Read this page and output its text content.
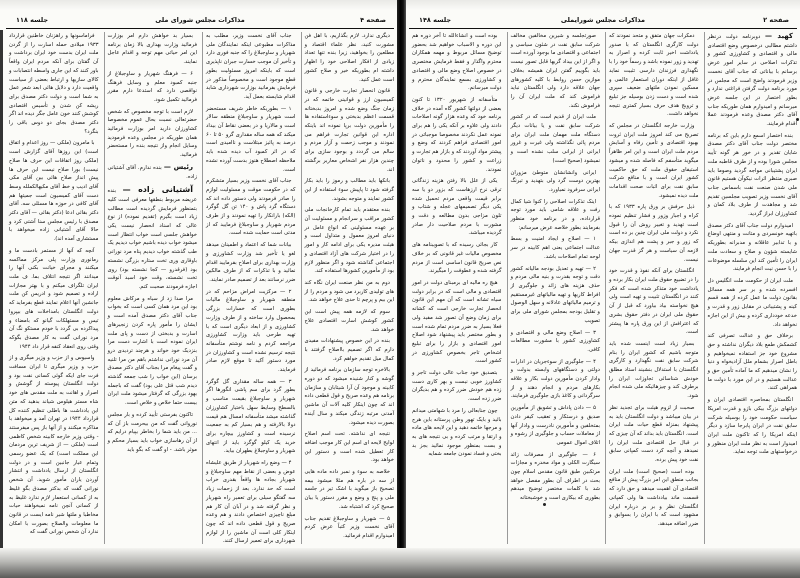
صفحه ۴
مذاکرات مجلس شورای ملی
جلسه ۱۱۸

دیگری ندارد. لازم بگذاریم، با اهل فن مشورت کنید، نظر علماء اقتصاد و مطلعین را بخواهید، زیرا بنده تنها تعداد زیادی از افکار اصلاحی خود را اظهار داشته ام بطوریکه خیر و صلاح کشور است عمل کنید.

قانون انحصار تجارت خارجی و قانون کمیسیون ارز و قوانینی خاتمه که در زمان جنگ وضع شده و امروز بدبختانه قسمت اعظم بدبختی و سوءاستفاده ها را مأمورین دولت برپا نموده اند باینکه اداره این قوانین تجارت فراهم می نمودند و موجب زحمت و آزار مردم و سالم می گرددد و بوجود سازی برای چندین هزار نفر اشخاص معاریر برگشته اند.

بانکها باید مطالب و رموز را باید بکار گرفته شود تا پاپیش سوء استفاده از این کشور نمایند و متوجه بشوند.

بنده معتقدم باید تمام کارخانجات ملی کشور مراقب و سرانجام و مسئولیت آن بر عهده مسئولینی که انواع عامل در دنیای امروز معمول و متداول است و هیئت مدیره یکی برای ادامه کار و امور را در اختیار شرکت های آزاد اقتصادی و اجتماعی گذاشته شود و اگر منظور لازم بود از مأمورین کشورها استفاده کند.

دوم به من نظر صنعت ایران نگاه کند های تولیدی کاربرد می شود و مردم را از این بیم و پرچم تا حدی علاج خواهد شد.

سوم که لازمه همه پیش است این کشور کوشش اسارت اقتصادی علاج خواهد شد.

بنده در این خصوص پیشنهادات مفیدی دارم که اگر تصمیم بااصلاح گرفتند با کمال میل تقدیم خواهم کرد.

بالاخره توجه سازمان برنامه فرمائید از گوشه و کنار شنیده میشود که دو دوره کابینه و موجود آن آرا شیتابان و سازمان برنامه هم وعده صریح و قول قطعی داده اند که چون اینکار کلیه آلات آن ماشین آمدنی مرتبه زندگی میکند و سال آینده بصورت دیده میشود.

نتیجه ای نداشته. تحت اسم اصلاح لوایح لایحه ای اسم این کار موجب اضافه کار تعطیل شده است و دستور این خواهد بود.

خلاصه به سوء و نمبر داده ماده هایی از سه در باره هم مثلا میشود بیمه تصحیح باز میگوید با اشک تیر در جلسه ملی و پنج و وضع و مقرر دستور یا بیان صحیح کرد که اشتباه شد.

۵ — شهریار و ساوجبلاغ تقدیم جناب آقای نخست وزیر کتباً عرض کردم امیدوارم اقدام فرمائید.

جناب آقای نخست وزیر، مطلب به مذاکرات مطبوعی اینکه نمایندگان ملی شهریار و ساوجبلاغ را که جنبه فوری دارد و تأخیر آن موجب خسارت جبران ناپذیری است که باینکه امروز مسئولیت بطور قطع موجود است و مخصوصاً مذکور در فرمایش بفرمانید بوزارت شهرداری شاید اقدام شایسته بعمل آید.

۱ — بطوریکه خاطر شریف مستحضر است شهریار و ساوجبلاغ منطقه سالار است و مالاریا و در بعضی نقاط آن بیداد میکند که همه ساله مقداری گرو ۵۰ تا ۶۰ درصد به پائیز مبتلاست و ناامیدی است که در اثر کمبود آب دیده شده باید ملاحظه اصطلاح هنوز بدست آورده نشده است.

جناب آقای نخست وزیر بسیار متشکرم که در حکومت موقت و مسئولیت لوازم را صادر فرمودند ولی دستور داده اند که دستگاه گرد پاش و ۱۴۰ تن گل گوگرد (الکه) بارانکار را تهیه نمودند و از طرف مردم شهریار و ساوجبلاغ فرمایید که از مدتی است حمایت شده است.

بیانات شما که اعتماد و اطمینان میدهد لغو یا تأخیر شد وزارت کشاورزی و وزارت بهداری برای اصلاح بفرمایید اقدام نمائید و با تذکرات که از طرف مالکین ضرر نرسانند بعد از تصمیم صادر نمایند.

۲ — مرکزیت امراض مزاحم که در منطقه شهریار و ساوجبلاغ مالیات بطوری است که خسارات بزرگی بمحصول وارد ساخته و از طرف وزارت کشاورزی و از ابعاد دیگری است که با تهیه طرحی باید وزارت کشاورزی مراجعه کردم و نامه نوشتم متأسفانه نتیجه ترسیم نشده است و کشاورزان در مورد دستور آکید تا موقع لازم صادر فرمایند.

۳ — همه ساله مقداری گل گوگرد بطور گرد برای سم پاشی انگورها اگر شهریار و ساوجبلاغ بقیمت مناسب و بالسطح وسایط سهل باختیار کشاورزان گذاشته میشد متأسفانه امسال هم قیمت دولا بالارفته و هم بسیار کم به جمعیت نرسیده است و کشاورز بیچاره برای خرید یک کیلو گوگرد باید از انتهای شهریار و ساوجبلاغ بطهران بیاید.

۴ — وضع راه شهریار از طریق علیشاه عوض و بعضی از نقاط مهم ساوجبلاغ و شهریار بجاده ها واقعاً بقدری خراب است که حد ندارد. بعد از زحمات زیاد سه گفتگو سیلی برای تعمیر راه شهریار و نظر گرفته شد و در آبان آن کار هم مبلغ ناچیزی اختصاص دادند و هم وعده صریح و قول قطعی داده اند که چون اینکار کلی است آن ماشین را از لوازم شهرداری برای تعمیر ارسال کنند.

بسیار بد خواهش دارم امر بوزارت فرمائید وزارت بهداری بالا زمان برنامه این امر حیاتی مهم توجه و اقدام عاجل نمایند.

۶ — فرهنگ شهریار و ساوجبلاغ از جنبه کمبود معلم و وسایل فرهنگ نواقصی دارد که استدعا دارم مقرر فرمائید تکمیل شود.

لازم است با توجه مخصوص که شخص حضرتعالی نسبت بحال عموم مخصوصا کشاورزان دارید امر بوزارت فرمائید همان طوریکه در مجلس وعده فرمودید وسایل انجام واز نتیجه بنده را مستحضر فرمائید.

رئیس — بنده ندارم. آقای آشتیانی زاده.

آشتیانی زاده — بنده عریضه مربوط بنطقها معرفی است کلیه بتمنظور فرمایش گردیده است مطالب زیاد است بگیرم (تقدیم نموده) از نوع عالی که اسناد انحصار نیست یکی خواهش جلسی است خواب انتظار است میشود خواب دیده باشیم خواب دیدیم یک طب گذشته خواب دیدیم پناه مرد نورانی باوقاری وری تخت ستاره بزرگی نشسته بود (فرقدرو — کجا نشسته بود) روی تخت نشسته، وقت خود اسید آنوقت اجازه فرمودند صحبت کنم.

مرا صدا زد از سیاه و مرکاش معلوم بود این مرد همان کسی است که بخواب جناب آقای دکتر مصدق آمده است و ایشان را مأمور پاره کردن زنجیرهای اسارت و بدبختی از دست و پای ملت ایران نموده است با اشارت دست مرا بنزدیک خود خواند و هرچند تردیدی درو آن مرد نورانی نداشتم باهم من مرا تلنیه و گفت پیغام مرا بجناب آقای دکتر مصدق برسان (این خواب را شب جمعه گذشته دیدم شب قتل علی بود) گفت که باجمله بهود بزرگی که گرفتار میشود ملت ایران بیست حتما خلاص و خلاص است.

تاکنون بفرستی تأیید کرده و بار مجلس نوروانی گفت که من بیحرمت باز آن که ... من باید شما را بخاطر بپیام درایم که از آن رهاسازی خواب باید بسیار محکم و موثر باشد. - او گفت که بگو باید

فراماسونها و راهزنان خاطنین قرارداد ۱۹۳۳ میلادی حمله اسارت را از گردن ملت ایران بدست خود ایران برداشت و آن گفتان برای آنکه مردم ایران واقعاً باور کنند که این جاری واسطه انتصابات و کالای سازیها و ارتباط بعضی از سیاست واقعیت دارد و دلایل هائی ابعد شعر عمل به شما است و دولت دکتر مصدق برای ریشه کن شدن و تأسیس اقتصادی کوشش کنند خون عامل جگر دیده اند اگر دکتر مصدق بجای دو دوس باقی را بنگرد؟

با مامرون (ملکی — روز اعدام و اتفاق است) این روزها آقای گزارش است (ملکی روز اتفاقات این حرف ها صلاح نیست) بورا صلاح نیست این حرف ها پیش انداز صلاح هائی بین آقای مکی آقای ادیب و خط آقای مکیهالکملله وسط دست آقای کمیسیون است جمیتها هم آقای کافی در حوزه ها مسئلی سه. آقای دکتر بقائی ادعا (دکتر بقائی — آقای دکتر مصدق با رئیس مجلس سنا آشتی کرد و حالا آقای آشتیانی زاده میخواهد با مستشاری آمده اند).

آنچه که آنها از مستمر بادست ما و رمانوری وزارت پلی مرکز مماکسه میکنند و مجرای خیانت بکنی آنها را میدانند اگر نتیجه انتلاف بما. ف ملت ایران تلگراف میکنم و با بهتر مجازات اراده و تصمیم شود و ادریس کن ملت جانشین آنها اعلام نمایند قطع بفرماید که دولت انگلستان بامداخلات های بیپروا تیس و مستهلکات گیانو که بامضاء و پیداکرده بی گردد با خودم مستکو نگ آن مرد نورانی گفت به کار مصدق بگوکه وقتی روی انعقاد کنفه قرار داد ۱۹۴۴

واسیوس و از حزب و وزیر میگری و از حزب و وزیر میگری تا ایران مسافت فرت جای ایکه گوئی کسانی نفت بود و دولت انگلستان پیوسته از گوشش و اصرار و اهانت به ملت مقدس های خود شاه مستر هیلوس شیاند بدهید که متن این یادداشت ها باطلی تنظیم کننده کل قرارداد ۱۹۴۴ در تهران آمد و میخواهد با مذاکره میکنند و از آنها باز پس میفرستند - وقتی وزیر خارجه کابینه شخص کاظمی است (ملکی — از شریف ترین مردمان این مملکت است) که یک عضو رسمی وتمام عیار جانبین است و در دولت انگلستان از ارسال یادداشت و انتشار آوردن یاران مأمور شوید. آن شخص نورانی گفت که بدکتر مصدق بگو غلیظ به از کسانی استعمار لازم ندارد غلیظ به از کسانی آنچن نامه نمیخواهند حیات مخاطبا و ملتها شیر نامه ایست در قانون ما معلومات والصلاح بصورت با امکان ندارد آن شخص نورانی گفت که

صفحه ۲
مذاکرات مجلس شورایملی
جلسه ۱۴۸

کهبد — دوبرنامه دولت درنظر داشتم مطالبی درخصوص وضع اقتصادی مالی و اقتصادی و کشاورزی کشور و تذکرات اصلاحی در سایر امور عرض برسانم با بیاناتی که جناب آقای نخست وزیر فرمودند واضح است که مجلس در مورد برنامه دولت گرفتن فراغتی ندارد و بطور اختصار در این جلسه عرض میرسانم و امیدوارم همان طوریکه جناب آقای دکتر مصدق وعده فرمودند عملا اقدام فرمایند.

بنده اختصار اسمع دارم باین که برنامه مختصر دولت جناب آقای دکتر مصدق شایان تقدیر و در خور هر گونه تأیید مجلس شورا بوده و از طرف قاطبه ملت ایران پشتیبانی مواجه گردید وصوما باید صبری منتظر اثرات نیکوآن هستیم قانون ملی شدن صنعت نفت باسماس جناب آقای نخست وزیر تصویب مجلسین تقدیم شد و مجاهدت از طرف بلاد کمان و کشاورزان ابراز گردید.

امیدوارم دولت جناب آقای دکتر مصدق باتهیه خونسردی و متانت و منتهی اوضاع و با تدابیر عاقلانه و مدبرانه بطوریکه شایسته شؤون و صلاح و سعادت ملت ایران را تأمین کند این سلسله موضوعات را با حسن نیت انجام فرمایند.

ملت ایران از حکومت ملت انگلیس دل افسرده شده و بر سر همه مسائل بقانون دولت ما عمل کرده از همه قسم کینه و پشتیبانی در مقابل زور و قدرت و خدعه خودداری کرده و بیش از این اجازه نخواهد داد.

برخلاف حق و عدالت تصرفی کند کشمکش طمع بلاد دیگران نداشته و حق مشروع خود جز استفاده نمیخواهیم و باطل اصرار بشمام ملل آزادیخواه و دنیا را نشان میدهیم که ما آماده تأمین حق و عدالت هستیم و در این مورد با دولت ما همراهی کنند.

انگلستان بمحاصره اقتصادی ایران و دولتهای بزرگ بیکی بازو و قدرت امریکا سیاست حکومت خود را بوسیله شرکت سابق نفت در ایران پابرجا سازد و دیگر اینکه امریکا را که تاکنون ملت ایران امیدوار است به نظر ملت ایران منظور و درخواستهای ملت توجه نماید.

دمکرات جهان متفق و متحد نمودند که دولت کارگری انگلستان که با صدور یادداشت اخیر ثابت کرده و اصرار به تهدید و زور نموده باشد و رسماً خود را با نگهداری فرزندان دارسی تثبیت نماید غافل از اینکه دوران استعمار عالمی و مسکین نمودن ملتهای ضعیف سپری شده است و دست زدن بوسیله جز تبلیغ و ترویج هدف حرف بسیار کمتری نتیجه نخواهد داشت.

وزارت خارجه انگلستان در مجلس که تصریح می کند امروز ملت ایران ثروت بهبود اقتصادی و تأمین رفاه و آسایش مردم ملت ایران است و این امر ظاهراً میگوید متأسفم که فاصله شده و میشود استیفای حقوق ملت که حق حاکمیت کشور ایران است و با منافع شرکت سابق نفت برای اثبات صحت اقدامات ملت دیده نمیشود.

ذیل حرفش بر ورق پاره ۱۹۳۳ که با کراه و اجبار وزور و فشار تنظیم نموده است تهدید و تغییر روش آن را قبول نکرد و دولت ملی ایران چنین بر ده است که زور و جبر و پشت هم اندازی بیکه لازمه آن سیاست و هر گز قدرت جهان نیست.

انگلستان برای آنکه نفوذ و قدرت خود را در تضییع حقوق ملت ایران بکار برده و یادداشت خود متذکر شده است که فکر کنند در انگلستان تثبیت و تهیه است ولی هیچ نخواسته بیاد بیاورد که قبل از آن حقوق ملی ایران در دفتر حقوق بشری که اعترافش از این ورق پاره ها پیشتر است.

بسیار زیاد است اینست شده باید متوجه باشیم که کشور ایران را بنام شرکت سابق نفت نگهدارد و کارگری انگلستان با استدلال بنشیند استاد مطلق خودش شناسائی تجاوزات ایران را برطرف کند و چیزهائیکه ملی شده انجام شود.

صحبت از لزوم هیئت برای تجدید نظر در بیان میباشد و دولت انگلستان باید به پیشنهاد بمنزله قطع حیات ملت ایران است. انگلستان باید بداند که آن چیزی که در قبال حل اقتصادی ملت ایران را نمیدهد و آنچه کرد دست کمپانی سابق نفت خود پیش برده.

بوده است (صحیح است) ملت ایران بجانب منطق این امر بزرگ پیش از منافع اقتصادی آن اهمیت میدهد و حق دارد که قسمت ماند بیادداشت ها ولی کمپانی انگلستان نظر و بر بر درباره ایران مشهود است که با ایران را بسوابق و ضرر اضافه میدهد.

صورتجلسه و شیرین مخالفین مخالف شرکت سابق نفت در شئون سیاسی و اجتماعی و اقتصادی ما بوجود آورده است و اگر از این بیداد گریها قابل تصور نیست باید بگوییم گفتن ایران همیشه بخلاف موازین حسن روابط با کلیه کشورهای جهان علاقه دارد ولی انگلستان نباید فراموش کند که ملت ایران آن را فراموش نکند.

ملت ایران از قدیم است که در کشور شرکت سابق نفت و یا بیانات دیگر دستگاه ملت مهمان ملت ایران برای مردم پائی نگذاشته ولی غیرت و غرور ایرانی از ایرانی سلب نشده است و نمیشود (صحیح است)

ایرانی وانشانشان متوطئ مزوران بهترین دوست گرد ولی بتهدید و تیرنگ ایرانی سرفرود نمیاورد.

اینک تذکرات اصلاحی را کنوا شیا کمال رفت و علاقه شامی باید مورد توجه قرارداده، و در برنامه خود منظور بفرمایند بطور خلاصه عرض میرسانم:

۱ — اصلاح و ایجاد امنیت و بسط عدالت اجتماعی یعنی اهم کابینه در سر لوحه تمام اصلاحات باشد.

۲ — تهیه و تعدیل بودجه ماليانه کشور دقت و توجه بقدرت و بنیه مالی مردم و حذف هزینه های زائد و جلوگیری از افراط کاریها و تهیه مالیاتهای غیرمستقیم و ترمیم مالیاتهای عادلانه و سهل الوصول و تقلیل بودجه بمجلس شورای ملی برای تصویب

۳ — اصلاح وضع مالی و اقتصادی و کشاورزی کشور با مشورت مطالعات کافی.

۴ — جلوگیری از سوءجریان در ادارات دولتی و دستگاههای وابسته بدولت و وادار کردن مأمورین دولت بکار و علاقه بکارهای مردم و انجام دهند و از سرگردانی و کاغذ بازی جلوگیری فرمایند.

۵ — دادن پاداش و تشویق از مأمورین صدیق و درستکار و تعقیب کیفر دادن بمتخلفین و مأمورین نادرست و وادار آنها از معاملات حساب و جلوگیری از رشوه و اتلاف اموال عمومی

۶ — جلوگیری از مصرفات زائد سیگارت الکلی و مواد مخدره و مجازات مرتکبین طبق قانون مقدس اسلام چون بحث در اطراف آن بطور مفصل خواهد شد با کلمات مختصر توضیح میدهم بطوری که بیکاری است و خوشبختانه

بوده است و انشاءالله تا آخر دوره هم این دوره و الاسباب خواهیم شد بحضور توضیح مسائل مربوط و مهمه همکاران محترم واگذار و فقط فرمایش مختصری در خصوص اصلاح وضع مالی و اقتصادی و کشاورزی بسمع نمایندگان محترم و دولت میرسانم.

متأسفانه از شهریور ۱۳۲۰ تا کنون بعضی از دولتها کشور گاه آمده در خلاف برنامه خود که وعده هزار گونه اصلاحات دادند ولی علاوه بر آنکه یکی را هم برای نمونه عمل نکردند مخصوصا موجباتی در امور اقتصادی فراهم کردند که وضع و پیشتر مواد آوردند که و بازار هم تجارت و زراعت و کشور را محدود و ناتوان نمودند.

یکی از علل بالا رفتن هزینه زندگانی ترقی نرخ ارزهاست که بزور دو یا سه برابر قیمت واقعی مردم تحمیل شده یکی دیگر تصمیمهای عجله و شتاب و تلون مزاجی بدون مطالعه و دقت و مشورت با مردم صلاحیت دار صادر گردیده میباشد.

کار بجائی رسیده که با تصویبنامه های مخصوص مالیات غیر قانونی که بر خلاف نص صریح قانون اساسی است از مردم گرفته شده و عطوفت را میگیرند.

هیچ ره مالیه ای برمبنای دولت در امور اقتصادی و مالی است که در برابر دولت سیاه تشانه است که آن مهم این قانون انحصار تجارت خارجی است که کشانه برای زمان وضع آن تصور شد مفید ولی فعلا بسیار به ضرر مردم تمام شده است و بطور مختصر باید پیشنهاد شود اصلاح امور اقتصادی و بازار را برای تبلیغ اشخاص تاجر بخصوص کشاورزی در کشور است.

بتصدیق خود جناب عالی دولت تاجر و کشاورز خوبی نیست و بهر کاری دست زده هم خودش ضرر کرده و هم بدیگران ضرر زده است.

چون جنابعالی را مرد با شهامتی میدانم بائید و بایک تهور وطن پرستانه باین هرج و مرجها خاتمه دهید و این لایحه های ماده و ارتقا و مرتب کرده و بی نتیجه های به و بست بمنظور موجود نمائید بجز بد بختی و فساد نمودن جامعه شمایه
